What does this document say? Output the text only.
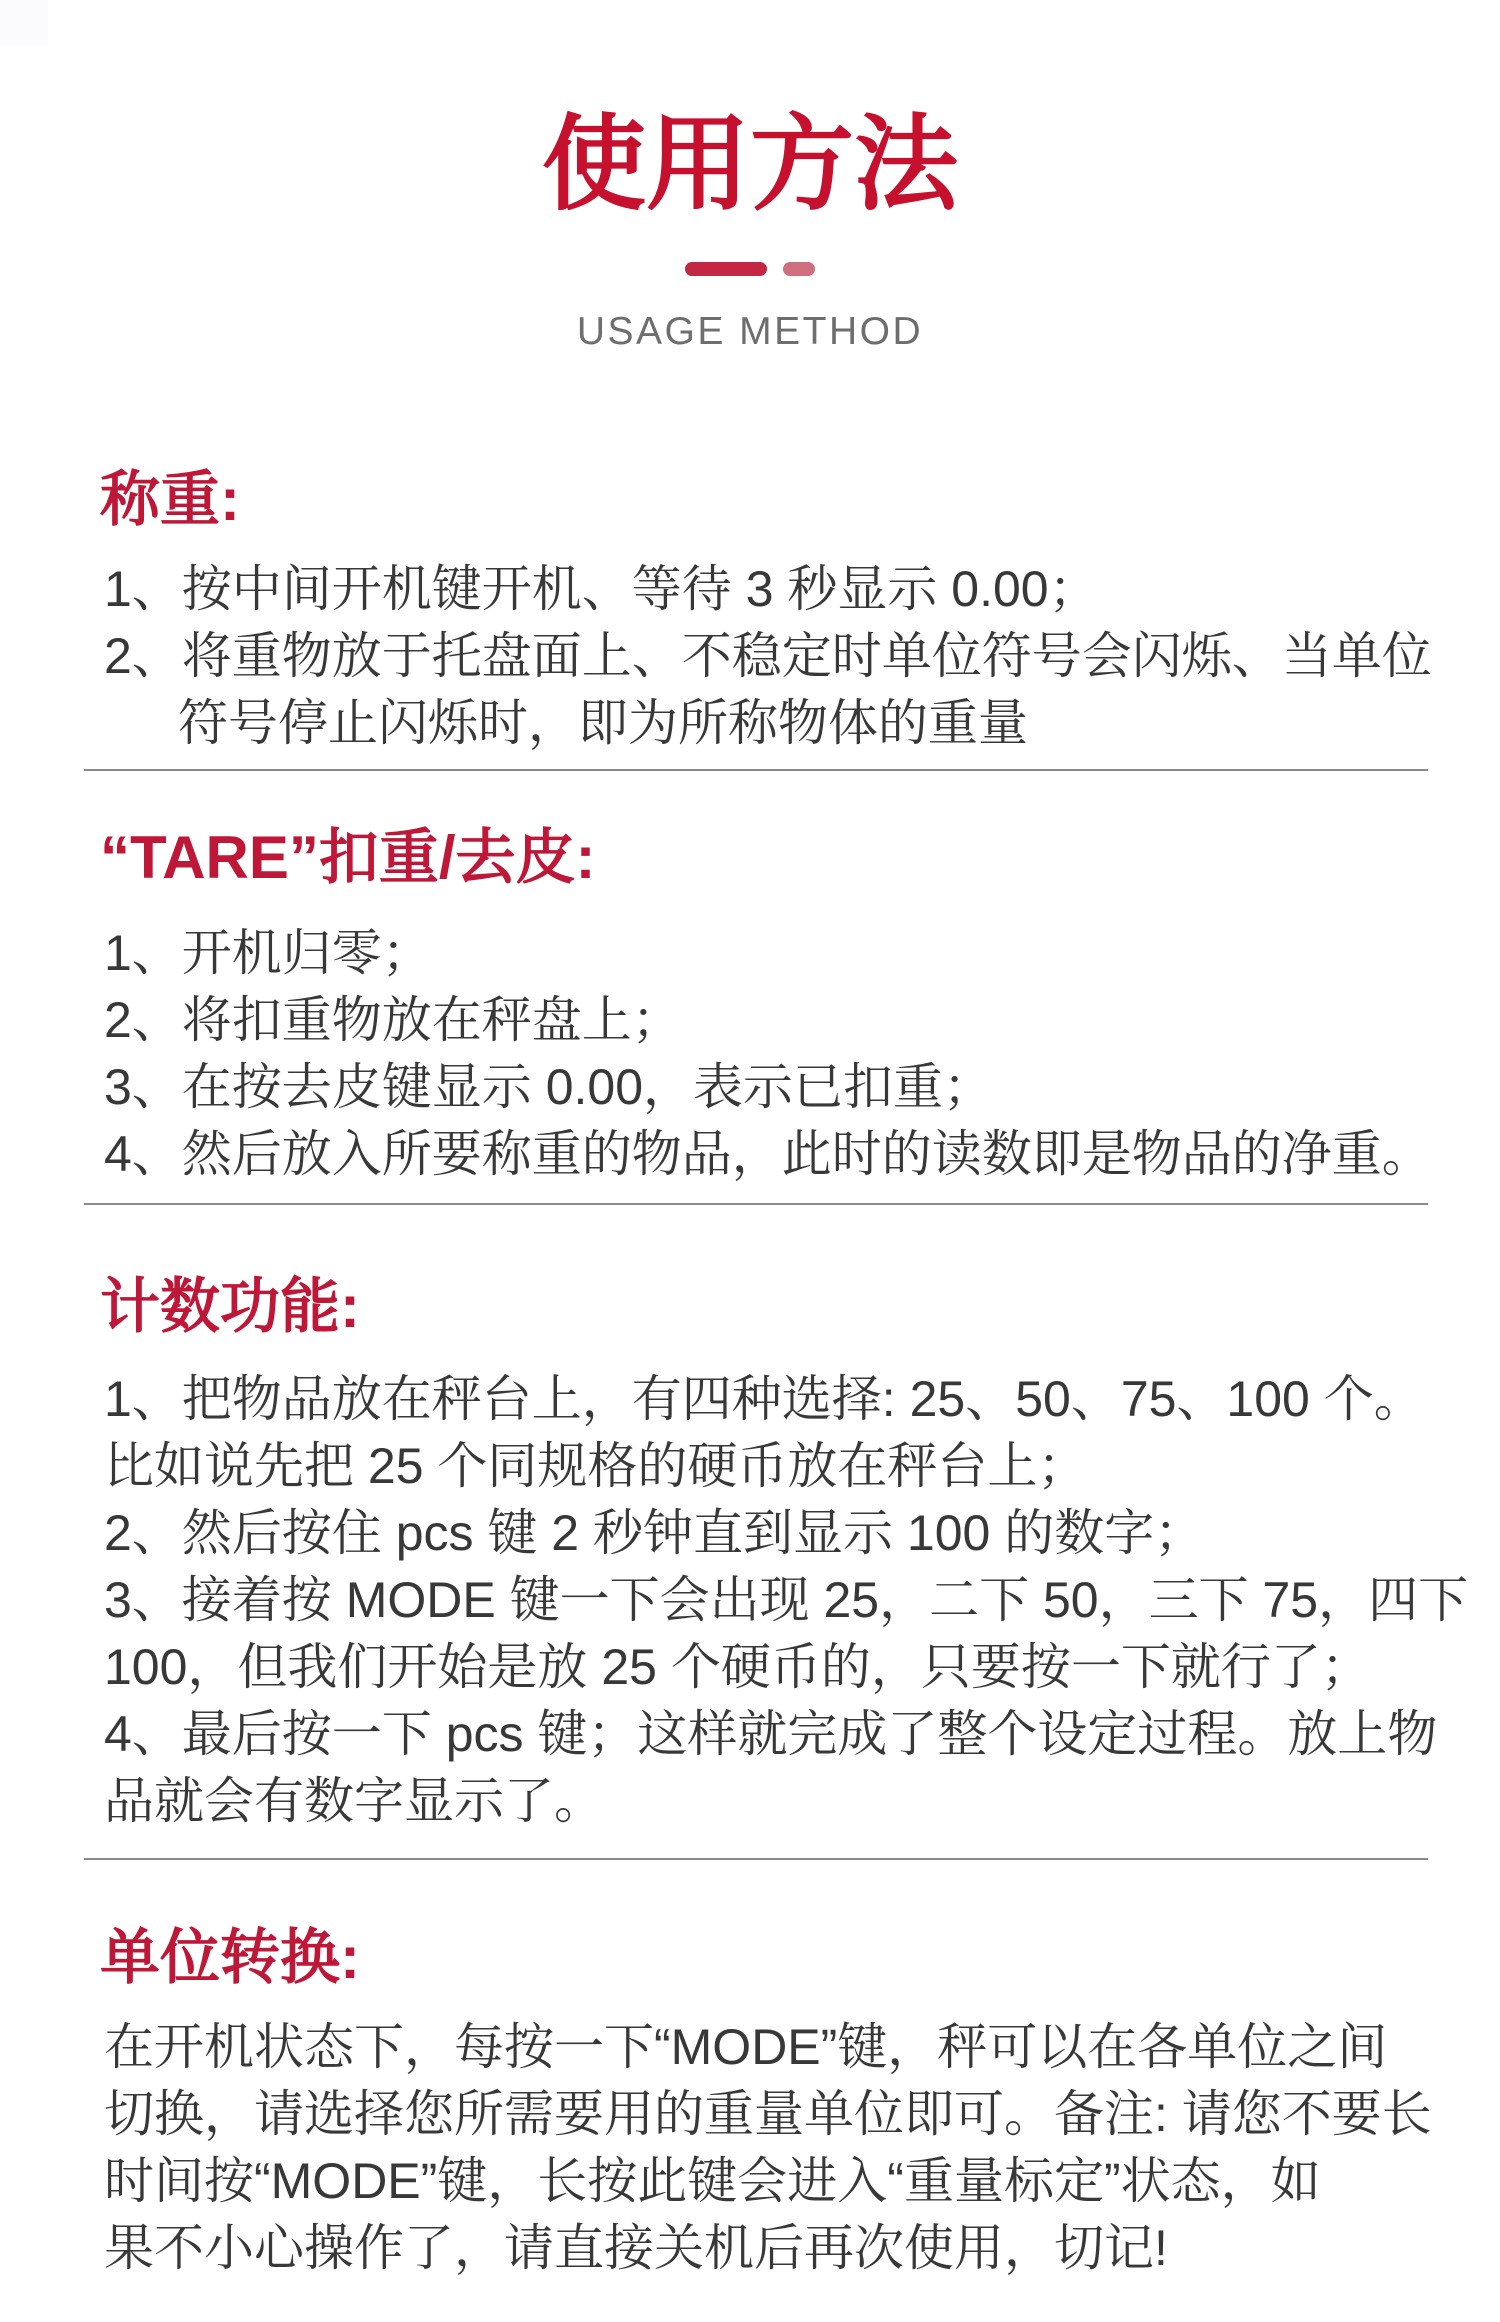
使用方法
USAGE METHOD
称重:
1、按中间开机键开机、等待 3 秒显示 0.00；
2、将重物放于托盘面上、不稳定时单位符号会闪烁、当单位
符号停止闪烁时，即为所称物体的重量
“TARE”扣重/去皮:
1、开机归零；
2、将扣重物放在秤盘上；
3、在按去皮键显示 0.00，表示已扣重；
4、然后放入所要称重的物品，此时的读数即是物品的净重。
计数功能:
1、把物品放在秤台上，有四种选择: 25、50、75、100 个。
比如说先把 25 个同规格的硬币放在秤台上；
2、然后按住 pcs 键 2 秒钟直到显示 100 的数字；
3、接着按 MODE 键一下会出现 25，二下 50，三下 75，四下
100，但我们开始是放 25 个硬币的，只要按一下就行了；
4、最后按一下 pcs 键；这样就完成了整个设定过程。放上物
品就会有数字显示了。
单位转换:
在开机状态下，每按一下“MODE”键，秤可以在各单位之间
切换，请选择您所需要用的重量单位即可。备注: 请您不要长
时间按“MODE”键，长按此键会进入“重量标定”状态，如
果不小心操作了，请直接关机后再次使用，切记!
